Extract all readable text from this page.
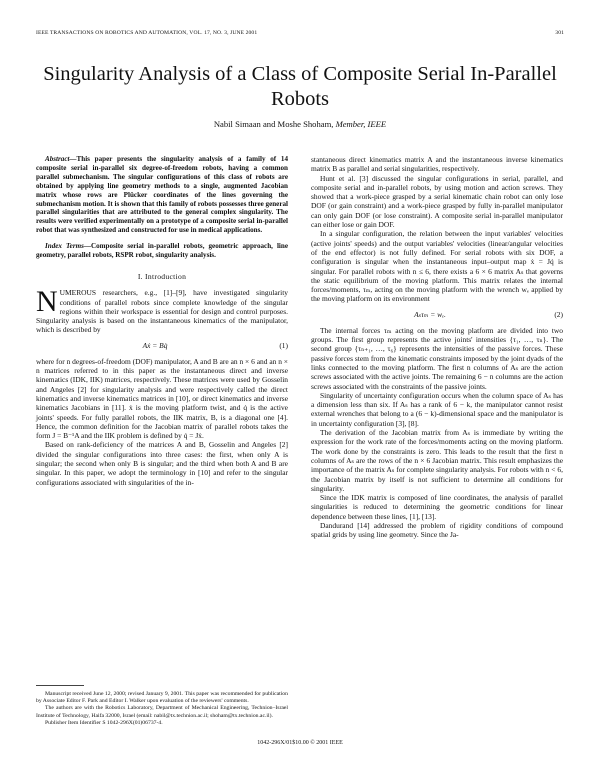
IEEE TRANSACTIONS ON ROBOTICS AND AUTOMATION, VOL. 17, NO. 3, JUNE 2001	301
Singularity Analysis of a Class of Composite Serial In-Parallel Robots
Nabil Simaan and Moshe Shoham, Member, IEEE

Abstract—This paper presents the singularity analysis of a family of 14 composite serial in-parallel six degree-of-freedom robots, having a common parallel submechanism. The singular configurations of this class of robots are obtained by applying line geometry methods to a single, augmented Jacobian matrix whose rows are Plücker coordinates of the lines governing the submechanism motion. It is shown that this family of robots possesses three general parallel singularities that are attributed to the general complex singularity. The results were verified experimentally on a prototype of a composite serial in-parallel robot that was synthesized and constructed for use in medical applications.

Index Terms—Composite serial in-parallel robots, geometric approach, line geometry, parallel robots, RSPR robot, singularity analysis.

I. Introduction

NUMEROUS researchers, e.g., [1]–[9], have investigated singularity conditions of parallel robots since complete knowledge of the singular regions within their workspace is essential for design and control purposes. Singularity analysis is based on the instantaneous kinematics of the manipulator, which is described by

Aẋ = Bq̇	(1)

where for n degrees-of-freedom (DOF) manipulator, A and B are an n × 6 and an n × n matrices referred to in this paper as the instantaneous direct and inverse kinematics (IDK, IIK) matrices, respectively. These matrices were used by Gosselin and Angeles [2] for singularity analysis and were respectively called the direct kinematics and inverse kinematics matrices in [10], or direct kinematics and inverse kinematics Jacobians in [11]. ẋ is the moving platform twist, and q̇ is the active joints' speeds. For fully parallel robots, the IIK matrix, B, is a diagonal one [4]. Hence, the common definition for the Jacobian matrix of parallel robots takes the form J = B⁻¹A and the IIK problem is defined by q̇ = Jẋ.

Based on rank-deficiency of the matrices A and B, Gosselin and Angeles [2] divided the singular configurations into three cases: the first, when only A is singular; the second when only B is singular; and the third when both A and B are singular. In this paper, we adopt the terminology in [10] and refer to the singular configurations associated with singularities of the in-

Manuscript received June 12, 2000; revised January 9, 2001. This paper was recommended for publication by Associate Editor F. Park and Editor I. Walker upon evaluation of the reviewers' comments.

The authors are with the Robotics Laboratory, Department of Mechanical Engineering, Technion–Israel Institute of Technology, Haifa 32000, Israel (email: nabil@tx.technion.ac.il; shoham@tx.technion.ac.il).

Publisher Item Identifier S 1042-296X(01)06737-4.

stantaneous direct kinematics matrix A and the instantaneous inverse kinematics matrix B as parallel and serial singularities, respectively.

Hunt et al. [3] discussed the singular configurations in serial, parallel, and composite serial and in-parallel robots, by using motion and action screws. They showed that a work-piece grasped by a serial kinematic chain robot can only lose DOF (or gain constraint) and a work-piece grasped by fully in-parallel manipulator can only gain DOF (or lose constraint). A composite serial in-parallel manipulator can either lose or gain DOF.

In a singular configuration, the relation between the input variables' velocities (active joints' speeds) and the output variables' velocities (linear/angular velocities of the end effector) is not fully defined. For serial robots with six DOF, a configuration is singular when the instantaneous input–output map ẋ = Jq̇ is singular. For parallel robots with n ≤ 6, there exists a 6 × 6 matrix Aₛ that governs the static equilibrium of the moving platform. This matrix relates the internal forces/moments, τₘ, acting on the moving platform with the wrench wₑ applied by the moving platform on its environment

Aₛτₘ = wₑ.	(2)

The internal forces τₘ acting on the moving platform are divided into two groups. The first group represents the active joints' intensities {τ₁, …, τₙ}. The second group {τₙ₊₁, …, τ₆} represents the intensities of the passive forces. These passive forces stem from the kinematic constraints imposed by the joint dyads of the links connected to the moving platform. The first n columns of Aₛ are the action screws associated with the active joints. The remaining 6 − n columns are the action screws associated with the constraints of the passive joints.

Singularity of uncertainty configuration occurs when the column space of Aₛ has a dimension less than six. If Aₛ has a rank of 6 − k, the manipulator cannot resist external wrenches that belong to a (6 − k)-dimensional space and the manipulator is in uncertainty configuration [3], [8].

The derivation of the Jacobian matrix from Aₛ is immediate by writing the expression for the work rate of the forces/moments acting on the moving platform. The work done by the constraints is zero. This leads to the result that the first n columns of Aₛ are the rows of the n × 6 Jacobian matrix. This result emphasizes the importance of the matrix Aₛ for complete singularity analysis. For robots with n < 6, the Jacobian matrix by itself is not sufficient to determine all conditions for singularity.

Since the IDK matrix is composed of line coordinates, the analysis of parallel singularities is reduced to determining the geometric conditions for linear dependence between these lines, [1], [13].

Dandurand [14] addressed the problem of rigidity conditions of compound spatial grids by using line geometry. Since the Ja-

1042-296X/01$10.00 © 2001 IEEE
